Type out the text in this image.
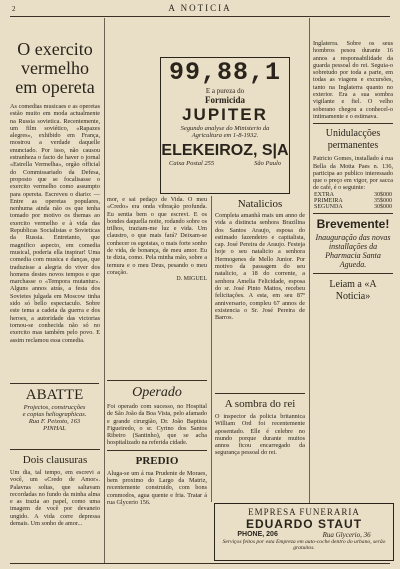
2	A NOTICIA

O exercito vermelho em opereta

As comedias musicaes e as operetas estão muito em moda actualmente na Russia sovietica. Recentemente, um film soviético, «Rapazes alegres», exhibido em França, mostrou a verdade daquelle enunciado. Por isso, não causou estranheza o facto de haver o jornal «Estrella Vermelha», orgão official do Commissariado da Defesa, proposto que se focalisasse o exercito vermelho como assumpto para opereta. Escreveu o diario: —Entre as operetas populares, nenhuma ainda não os que tenha tomado por motivo os themas ao exercito vermelho e à vida das Republicas Socialistas e Sovieticas da Russia. Entretanto, que magnifico aspecto, em comedia musical, poderia ella inspirar! Uma comedia com musica e danças, que traduzisse a alegria do viver dos homens destes novos tempos e que marchasse o «Tempora mutantur». Alguns annos atrás, a festa dos Sovietes julgada em Moscow tinha sido só bello espectaculo. Sobre este tema a cadeia da guerra e dos heroes, a autoridade das victorias tornou-se conhecida não só no exercito mas também pelo povo. E assim reclamou essa comedia.

ABATTE

Projectos, construcções

e copias heliographicas.

Rua F. Peixoto, 163

PINHAL

Dois clausuras

Um dia, tal tempo, em escrevi a você, um «Credo de Amor». Palavras soltas, que saltavam recordadas no fundo da minha alma e as trazia ao papel, como uma imagem de você por devaneio ungido. A vida corre depressa demais. Um sonho de amor...

99,88,1

E a pureza do

Formicida

JUPITER

Segundo analyse do Ministerio da

Agricultura em 1-8-1932.

ELEKEIROZ, S|A
Caixa Postal 255	São Paulo

mor, e sai pedaço de Vida. O meu «Credo» era onda vibração profunda. Eu sentia bem o que escrevi. E os bondes daquella noite, rodando sobre os trilhos, traziam-me luz e vida. Um claustro, o que mais fará? Deixam-se conhecer os egoistas, o mais forte sonho de vida, de bonança, de meu amor. Eu te dizia, como. Pela minha mão, sobre a ternura e o meu Deus, pesando o meu coração.

D. MIGUEL

Operado

Foi operado com sucesso, no Hospital de São João da Boa Vista, pelo afamado e grande cirurgião, Dr. João Baptista Figueiredo, o sr. Cyrino dos Santos Ribeiro (Santinho), que se acha hospitalizado na referida cidade.

PREDIO

Aluga-se um á rua Prudente de Moraes, bem proximo do Largo da Matriz, recentemente construido, com bons commodos, agua quente e fria. Tratar á rua Glycerio 156.

Natalicios

Completa amanhã mais um anno de vida a distincta senhora Brazilina dos Santos Araujo, esposa do estimado fazendeiro e capitalista, cap. José Pereira de Araujo. Festeja hoje o seu natalicio a senhora Hermogenes de Mello Junior. Por motivo da passagem do seu natalicio, a 18 do corrente, a senhora Amelia Felicidade, esposa do sr. José Pinto Mattos, recebeu felicitações. A esta, em seu 87º anniversario, compleu 67 annos de existencia o Sr. José Pereira de Barros.

A sombra do rei

O inspector da policia britannica William Ord foi recentemente aposentado. Elle é celebre no mundo porque durante muitos annos ficou encarregado da segurança pessoal do rei.

Inglaterra. Sobre os seus hombros pesou durante 16 annos a responsabilidade da guarda pessoal do rei. Seguia-o sobretudo por toda a parte, em todas as viagens e excursões, tanto na Inglaterra quanto no exterior. Era a sua sombra vigilante e fiel. O velho soberano chegou a conhecel-o intimamente e o estimava.

Unidulacções permanentes

Patricio Gomes, installado á rua Bella da Motta Paes n. 136, participa ao publico interessado que o preço em vigor, por sacca de café, é o seguinte:

EXTRA	30$000
PRIMEIRA	35$000
SEGUNDA	30$000

Brevemente!

Inauguração das novas installações da Pharmacia Santa Agueda.

Leiam a «A Noticia»

EMPRESA FUNERARIA

EDUARDO STAUT

PHONE, 206	Rua Glycerio, 36

Serviços feitos por esta Empreza em auto-coche dentro do urbano, serão gratuitos.
